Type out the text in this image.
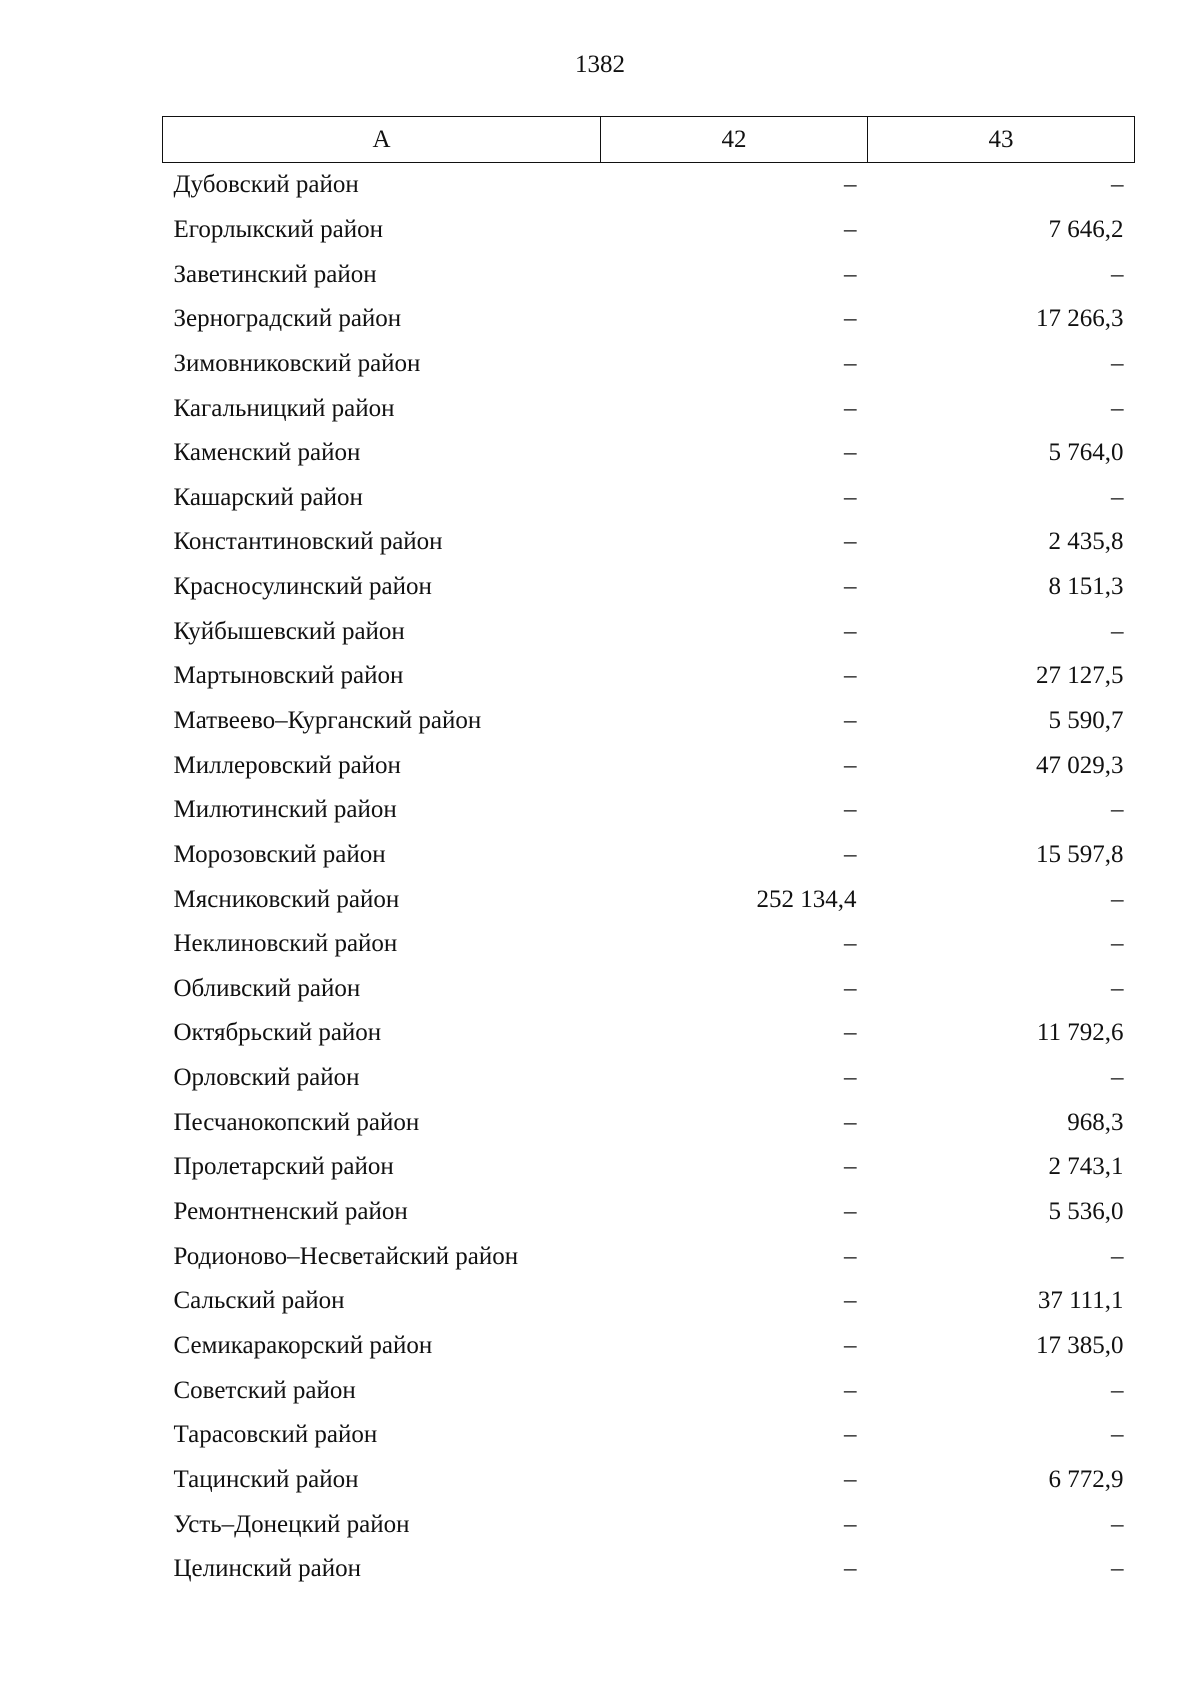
1382
А	42	43
Дубовский район	–	–
Егорлыкский район	–	7 646,2
Заветинский район	–	–
Зерноградский район	–	17 266,3
Зимовниковский район	–	–
Кагальницкий район	–	–
Каменский район	–	5 764,0
Кашарский район	–	–
Константиновский район	–	2 435,8
Красносулинский район	–	8 151,3
Куйбышевский район	–	–
Мартыновский район	–	27 127,5
Матвеево–Курганский район	–	5 590,7
Миллеровский район	–	47 029,3
Милютинский район	–	–
Морозовский район	–	15 597,8
Мясниковский район	252 134,4	–
Неклиновский район	–	–
Обливский район	–	–
Октябрьский район	–	11 792,6
Орловский район	–	–
Песчанокопский район	–	968,3
Пролетарский район	–	2 743,1
Ремонтненский район	–	5 536,0
Родионово–Несветайский район	–	–
Сальский район	–	37 111,1
Семикаракорский район	–	17 385,0
Советский район	–	–
Тарасовский район	–	–
Тацинский район	–	6 772,9
Усть–Донецкий район	–	–
Целинский район	–	–
